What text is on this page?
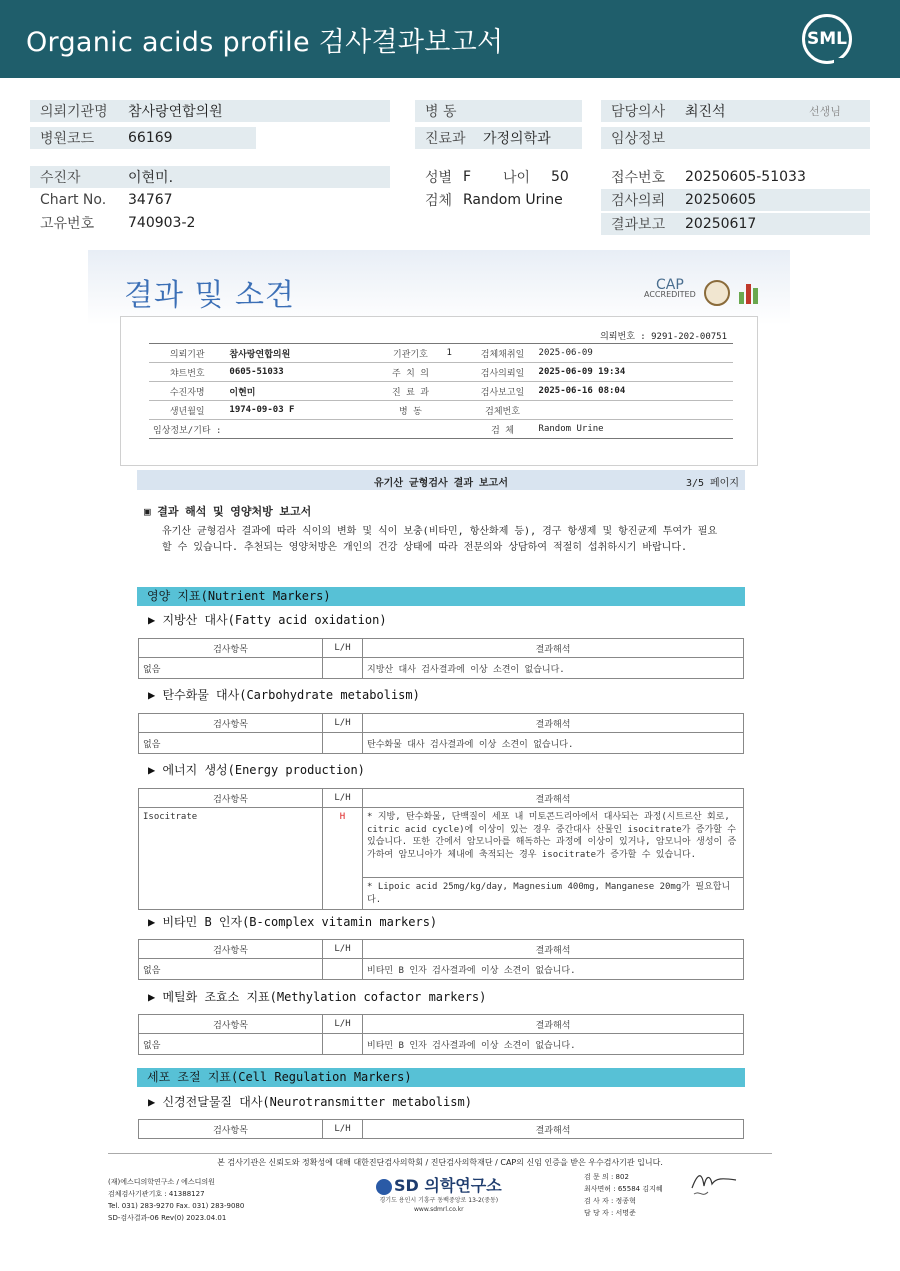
Organic acids profile 검사결과보고서	SML
의뢰기관명	참사랑연합의원
병원코드	66169
병 동
진료과	가정의학과
담당의사	최진석	선생님
임상정보
수진자	이현미.
Chart No.	34767
고유번호	740903-2
성별 F	나이	50
검체 Random Urine
접수번호	20250605-51033
검사의뢰	20250605
결과보고	20250617
결과 및 소견	CAP
ACCREDITED
의뢰번호 : 9291-202-00751
의뢰기관	참사랑연합의원	기관기호	1	검체채취일	2025-06-09
챠트번호	0605-51033	주 치 의		검사의뢰일	2025-06-09 19:34
수진자명	이현미	진 료 과		검사보고일	2025-06-16 08:04
생년월일	1974-09-03 F	병 동		검체번호	
임상정보/기타 :				검 체	Random Urine
유기산 균형검사 결과 보고서	3/5 페이지
▣ 결과 해석 및 영양처방 보고서
유기산 균형검사 결과에 따라 식이의 변화 및 식이 보충(비타민, 항산화제 등), 경구 항생제 및 항진균제 투여가 필요할 수 있습니다. 추천되는 영양처방은 개인의 건강 상태에 따라 전문의와 상담하여 적절히 섭취하시기 바랍니다.
영양 지표(Nutrient Markers)
▶ 지방산 대사(Fatty acid oxidation)
검사항목	L/H	결과해석
없음		지방산 대사 검사결과에 이상 소견이 없습니다.
▶ 탄수화물 대사(Carbohydrate metabolism)
검사항목	L/H	결과해석
없음		탄수화물 대사 검사결과에 이상 소견이 없습니다.
▶ 에너지 생성(Energy production)
검사항목	L/H	결과해석
Isocitrate	H	* 지방, 탄수화물, 단백질이 세포 내 미토콘드리아에서 대사되는 과정(시트르산 회로, citric acid cycle)에 이상이 있는 경우 중간대사 산물인 isocitrate가 증가할 수 있습니다. 또한 간에서 암모니아를 해독하는 과정에 이상이 있거나, 암모니아 생성이 증가하여 암모니아가 체내에 축적되는 경우 isocitrate가 증가할 수 있습니다.
		* Lipoic acid 25mg/kg/day, Magnesium 400mg, Manganese 20mg가 필요합니다.
▶ 비타민 B 인자(B-complex vitamin markers)
검사항목	L/H	결과해석
없음		비타민 B 인자 검사결과에 이상 소견이 없습니다.
▶ 메틸화 조효소 지표(Methylation cofactor markers)
검사항목	L/H	결과해석
없음		비타민 B 인자 검사결과에 이상 소견이 없습니다.
세포 조절 지표(Cell Regulation Markers)
▶ 신경전달물질 대사(Neurotransmitter metabolism)
검사항목	L/H	결과해석
본 검사기관은 신뢰도와 정확성에 대해 대한진단검사의학회 / 진단검사의학재단 / CAP의 신임 인증을 받은 우수검사기관 입니다.
(재)에스디의학연구소 / 에스디의원
검체검사기관기호 : 41388127
Tel. 031) 283-9270 Fax. 031) 283-9080
SD-검사결과-06 Rev(0) 2023.04.01
SD 의학연구소
경기도 용인시 기흥구 동백중앙로 13-2(중동)
www.sdmrl.co.kr
검 문 의 : 802
최사면허 : 65584 김지혜
검 사 자 : 정종혁
담 당 자 : 서명준
